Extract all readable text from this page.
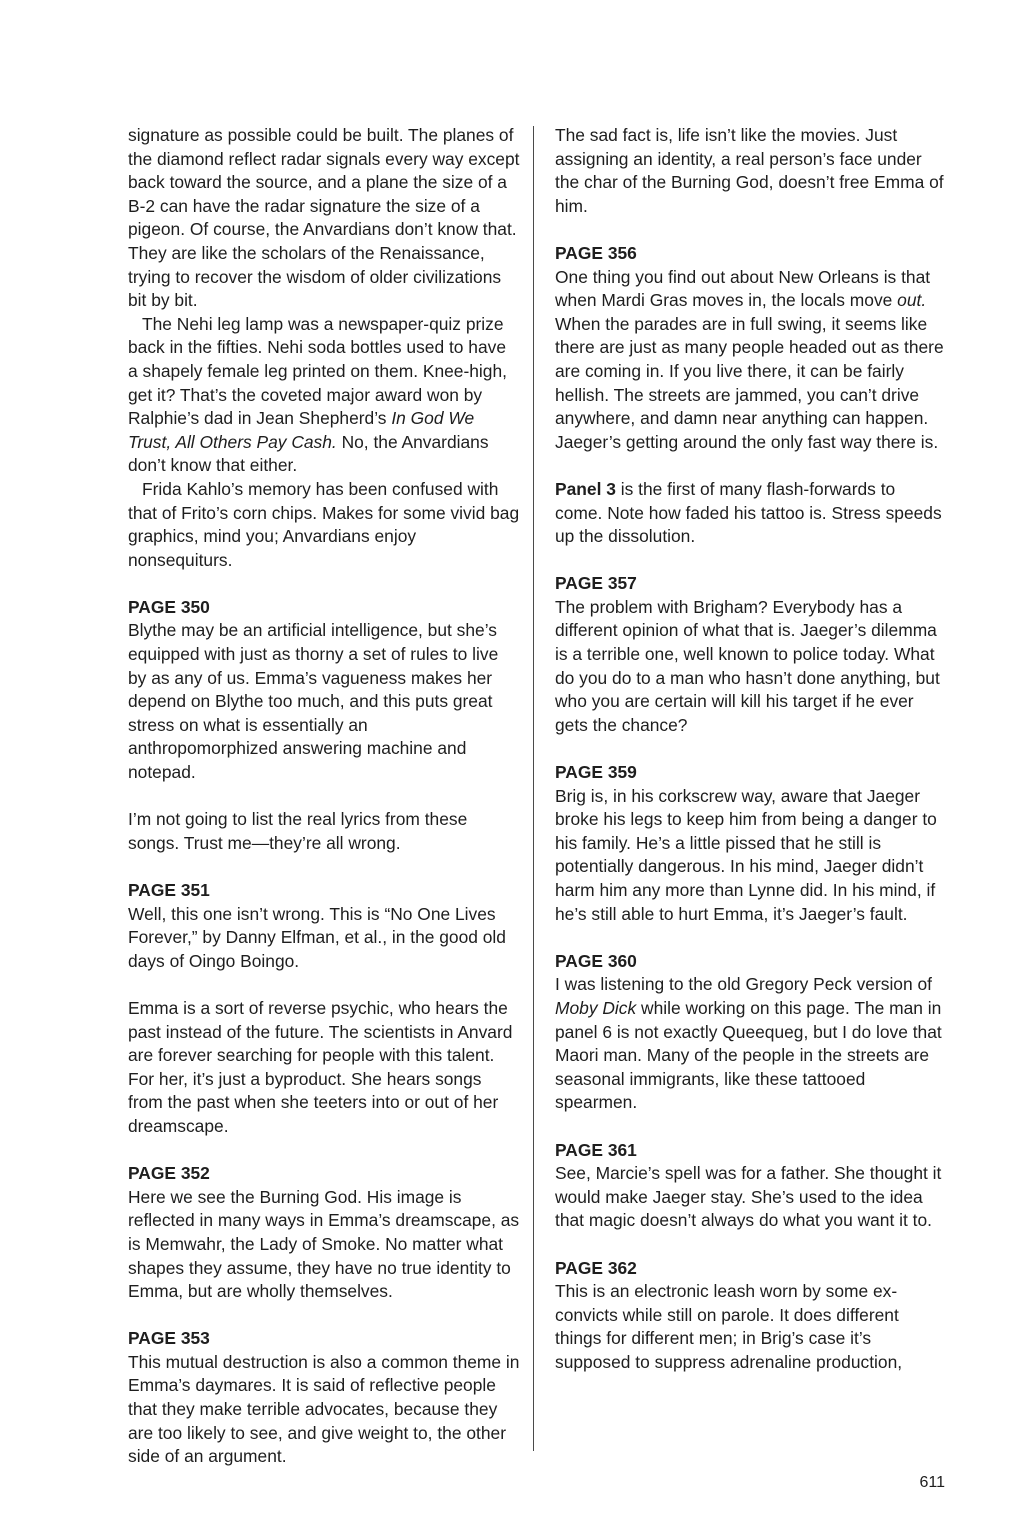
signature as possible could be built. The planes of the diamond reflect radar signals every way except back toward the source, and a plane the size of a B-2 can have the radar signature the size of a pigeon. Of course, the Anvardians don’t know that. They are like the scholars of the Renaissance, trying to recover the wisdom of older civilizations bit by bit.

The Nehi leg lamp was a newspaper-quiz prize back in the fifties. Nehi soda bottles used to have a shapely female leg printed on them. Knee-high, get it? That’s the coveted major award won by Ralphie’s dad in Jean Shepherd’s In God We Trust, All Others Pay Cash. No, the Anvardians don’t know that either.

Frida Kahlo’s memory has been confused with that of Frito’s corn chips. Makes for some vivid bag graphics, mind you; Anvardians enjoy nonsequiturs.

PAGE 350

Blythe may be an artificial intelligence, but she’s equipped with just as thorny a set of rules to live by as any of us. Emma’s vagueness makes her depend on Blythe too much, and this puts great stress on what is essentially an anthropomorphized answering machine and notepad.

I’m not going to list the real lyrics from these songs. Trust me—they’re all wrong.

PAGE 351

Well, this one isn’t wrong. This is “No One Lives Forever,” by Danny Elfman, et al., in the good old days of Oingo Boingo.

Emma is a sort of reverse psychic, who hears the past instead of the future. The scientists in Anvard are forever searching for people with this talent. For her, it’s just a byproduct. She hears songs from the past when she teeters into or out of her dreamscape.

PAGE 352

Here we see the Burning God. His image is reflected in many ways in Emma’s dreamscape, as is Memwahr, the Lady of Smoke. No matter what shapes they assume, they have no true identity to Emma, but are wholly themselves.

PAGE 353

This mutual destruction is also a common theme in Emma’s daymares. It is said of reflective people that they make terrible advocates, because they are too likely to see, and give weight to, the other side of an argument.

The sad fact is, life isn’t like the movies. Just assigning an identity, a real person’s face under the char of the Burning God, doesn’t free Emma of him.

PAGE 356

One thing you find out about New Orleans is that when Mardi Gras moves in, the locals move out. When the parades are in full swing, it seems like there are just as many people headed out as there are coming in. If you live there, it can be fairly hellish. The streets are jammed, you can’t drive anywhere, and damn near anything can happen. Jaeger’s getting around the only fast way there is.

Panel 3 is the first of many flash-forwards to come. Note how faded his tattoo is. Stress speeds up the dissolution.

PAGE 357

The problem with Brigham? Everybody has a different opinion of what that is. Jaeger’s dilemma is a terrible one, well known to police today. What do you do to a man who hasn’t done anything, but who you are certain will kill his target if he ever gets the chance?

PAGE 359

Brig is, in his corkscrew way, aware that Jaeger broke his legs to keep him from being a danger to his family. He’s a little pissed that he still is potentially dangerous. In his mind, Jaeger didn’t harm him any more than Lynne did. In his mind, if he’s still able to hurt Emma, it’s Jaeger’s fault.

PAGE 360

I was listening to the old Gregory Peck version of Moby Dick while working on this page. The man in panel 6 is not exactly Queequeg, but I do love that Maori man. Many of the people in the streets are seasonal immigrants, like these tattooed spearmen.

PAGE 361

See, Marcie’s spell was for a father. She thought it would make Jaeger stay. She’s used to the idea that magic doesn’t always do what you want it to.

PAGE 362

This is an electronic leash worn by some ex-convicts while still on parole. It does different things for different men; in Brig’s case it’s supposed to suppress adrenaline production,

611
